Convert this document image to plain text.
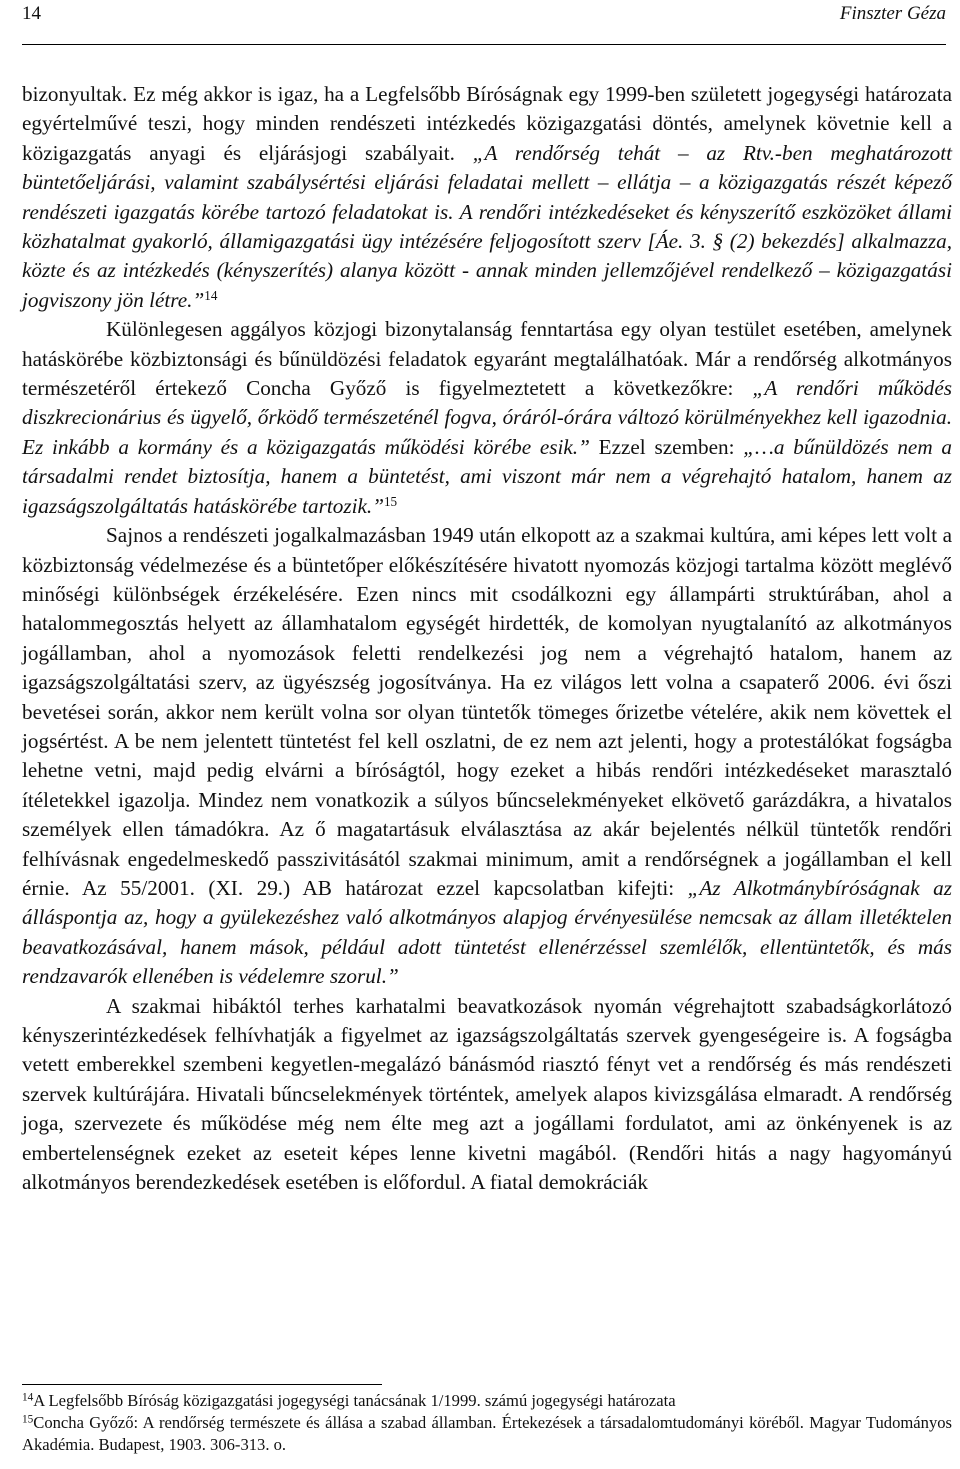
14	Finszter Géza

bizonyultak. Ez még akkor is igaz, ha a Legfelsőbb Bíróságnak egy 1999-ben született jogegységi határozata egyértelművé teszi, hogy minden rendészeti intézkedés közigazgatási döntés, amelynek követnie kell a közigazgatás anyagi és eljárásjogi szabályait. „A rendőrség tehát – az Rtv.-ben meghatározott büntetőeljárási, valamint szabálysértési eljárási feladatai mellett – ellátja – a közigazgatás részét képező rendészeti igazgatás körébe tartozó feladatokat is. A rendőri intézkedéseket és kényszerítő eszközöket állami közhatalmat gyakorló, államigazgatási ügy intézésére feljogosított szerv [Áe. 3. § (2) bekezdés] alkalmazza, közte és az intézkedés (kényszerítés) alanya között - annak minden jellemzőjével rendelkező – közigazgatási jogviszony jön létre.”$^{14}$

Különlegesen aggályos közjogi bizonytalanság fenntartása egy olyan testület esetében, amelynek hatáskörébe közbiztonsági és bűnüldözési feladatok egyaránt megtalálhatóak. Már a rendőrség alkotmányos természetéről értekező Concha Győző is figyelmeztetett a következőkre: „A rendőri működés diszkrecionárius és ügyelő, őrködő természeténél fogva, óráról-órára változó körülményekhez kell igazodnia. Ez inkább a kormány és a közigazgatás működési körébe esik.” Ezzel szemben: „…a bűnüldözés nem a társadalmi rendet biztosítja, hanem a büntetést, ami viszont már nem a végrehajtó hatalom, hanem az igazságszolgáltatás hatáskörébe tartozik.”$^{15}$

Sajnos a rendészeti jogalkalmazásban 1949 után elkopott az a szakmai kultúra, ami képes lett volt a közbiztonság védelmezése és a büntetőper előkészítésére hivatott nyomozás közjogi tartalma között meglévő minőségi különbségek érzékelésére. Ezen nincs mit csodálkozni egy állampárti struktúrában, ahol a hatalommegosztás helyett az államhatalom egységét hirdették, de komolyan nyugtalanító az alkotmányos jogállamban, ahol a nyomozások feletti rendelkezési jog nem a végrehajtó hatalom, hanem az igazságszolgáltatási szerv, az ügyészség jogosítványa. Ha ez világos lett volna a csapaterő 2006. évi őszi bevetései során, akkor nem került volna sor olyan tüntetők tömeges őrizetbe vételére, akik nem követtek el jogsértést. A be nem jelentett tüntetést fel kell oszlatni, de ez nem azt jelenti, hogy a protestálókat fogságba lehetne vetni, majd pedig elvárni a bíróságtól, hogy ezeket a hibás rendőri intézkedéseket marasztaló ítéletekkel igazolja. Mindez nem vonatkozik a súlyos bűncselekményeket elkövető garázdákra, a hivatalos személyek ellen támadókra. Az ő magatartásuk elválasztása az akár bejelentés nélkül tüntetők rendőri felhívásnak engedelmeskedő passzivitásától szakmai minimum, amit a rendőrségnek a jogállamban el kell érnie. Az 55/2001. (XI. 29.) AB határozat ezzel kapcsolatban kifejti: „Az Alkotmánybíróságnak az álláspontja az, hogy a gyülekezéshez való alkotmányos alapjog érvényesülése nemcsak az állam illetéktelen beavatkozásával, hanem mások, például adott tüntetést ellenérzéssel szemlélők, ellentüntetők, és más rendzavarók ellenében is védelemre szorul.”

A szakmai hibáktól terhes karhatalmi beavatkozások nyomán végrehajtott szabadságkorlátozó kényszerintézkedések felhívhatják a figyelmet az igazságszolgáltatás szervek gyengeségeire is. A fogságba vetett emberekkel szembeni kegyetlen-megalázó bánásmód riasztó fényt vet a rendőrség és más rendészeti szervek kultúrájára. Hivatali bűncselekmények történtek, amelyek alapos kivizsgálása elmaradt. A rendőrség joga, szervezete és működése még nem élte meg azt a jogállami fordulatot, ami az önkényenek is az embertelenségnek ezeket az eseteit képes lenne kivetni magából. (Rendőri hitás a nagy hagyományú alkotmányos berendezkedések esetében is előfordul. A fiatal demokráciák

$^{14}$A Legfelsőbb Bíróság közigazgatási jogegységi tanácsának 1/1999. számú jogegységi határozata

$^{15}$Concha Győző: A rendőrség természete és állása a szabad államban. Értekezések a társadalomtudományi köréből. Magyar Tudományos Akadémia. Budapest, 1903. 306-313. o.
